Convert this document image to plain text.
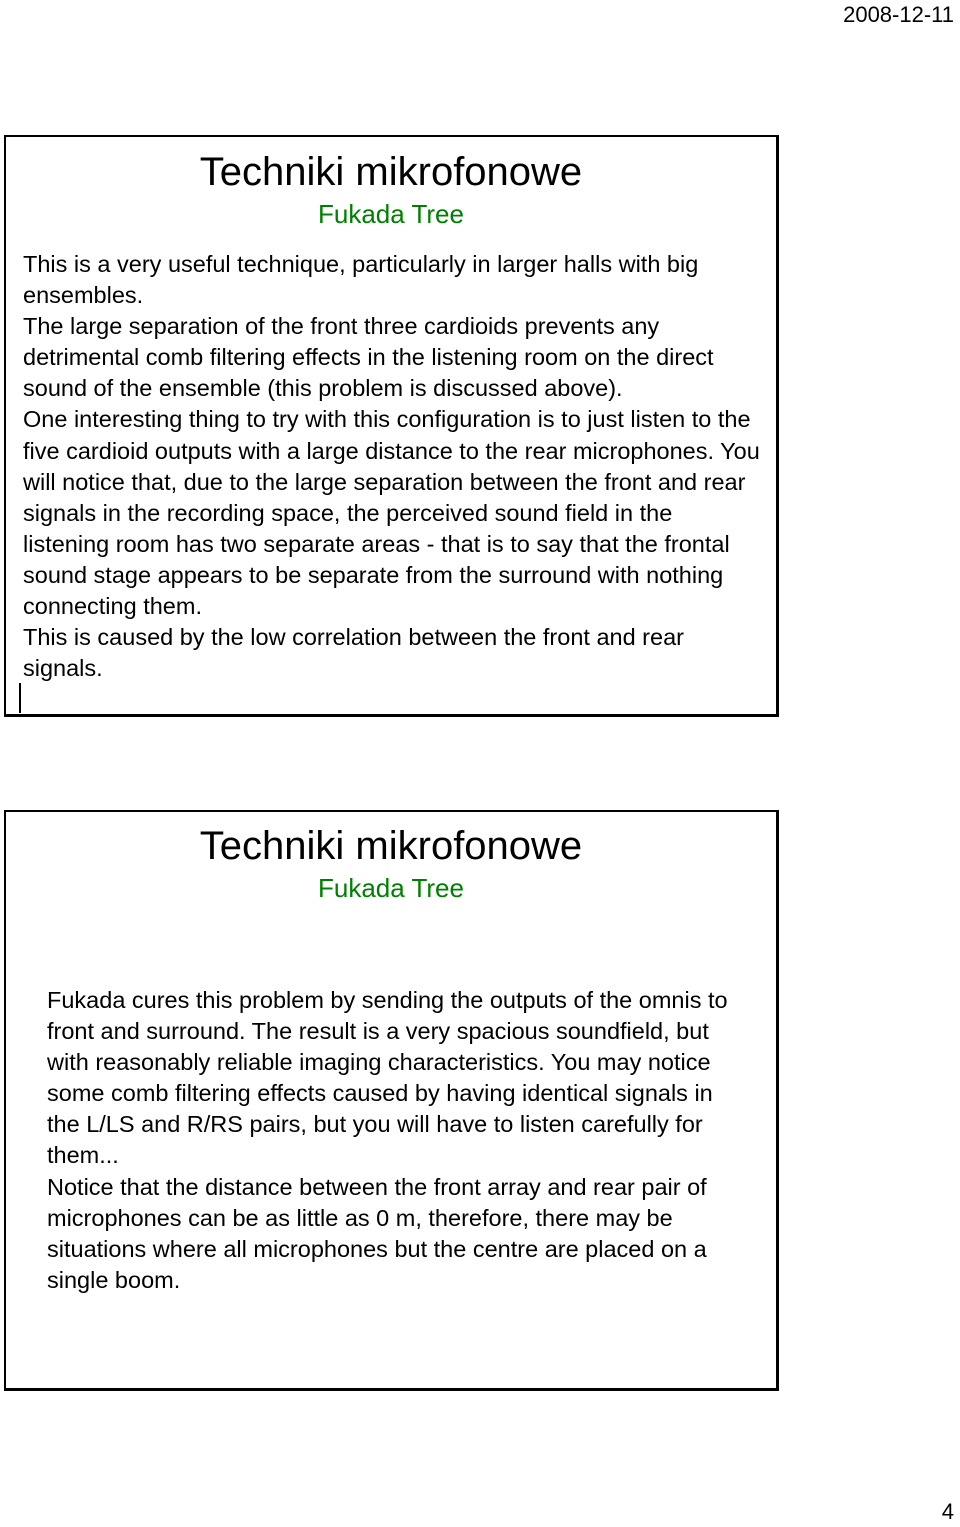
2008-12-11
Techniki mikrofonowe
Fukada Tree
This is a very useful technique, particularly in larger halls with big ensembles.
The large separation of the front three cardioids prevents any detrimental comb filtering effects in the listening room on the direct sound of the ensemble (this problem is discussed above).
One interesting thing to try with this configuration is to just listen to the five cardioid outputs with a large distance to the rear microphones. You will notice that, due to the large separation between the front and rear signals in the recording space, the perceived sound field in the listening room has two separate areas - that is to say that the frontal sound stage appears to be separate from the surround with nothing connecting them.
This is caused by the low correlation between the front and rear signals.
Techniki mikrofonowe
Fukada Tree
Fukada cures this problem by sending the outputs of the omnis to front and surround. The result is a very spacious soundfield, but with reasonably reliable imaging characteristics. You may notice some comb filtering effects caused by having identical signals in the L/LS and R/RS pairs, but you will have to listen carefully for them...
Notice that the distance between the front array and rear pair of microphones can be as little as 0 m, therefore, there may be situations where all microphones but the centre are placed on a single boom.
4
